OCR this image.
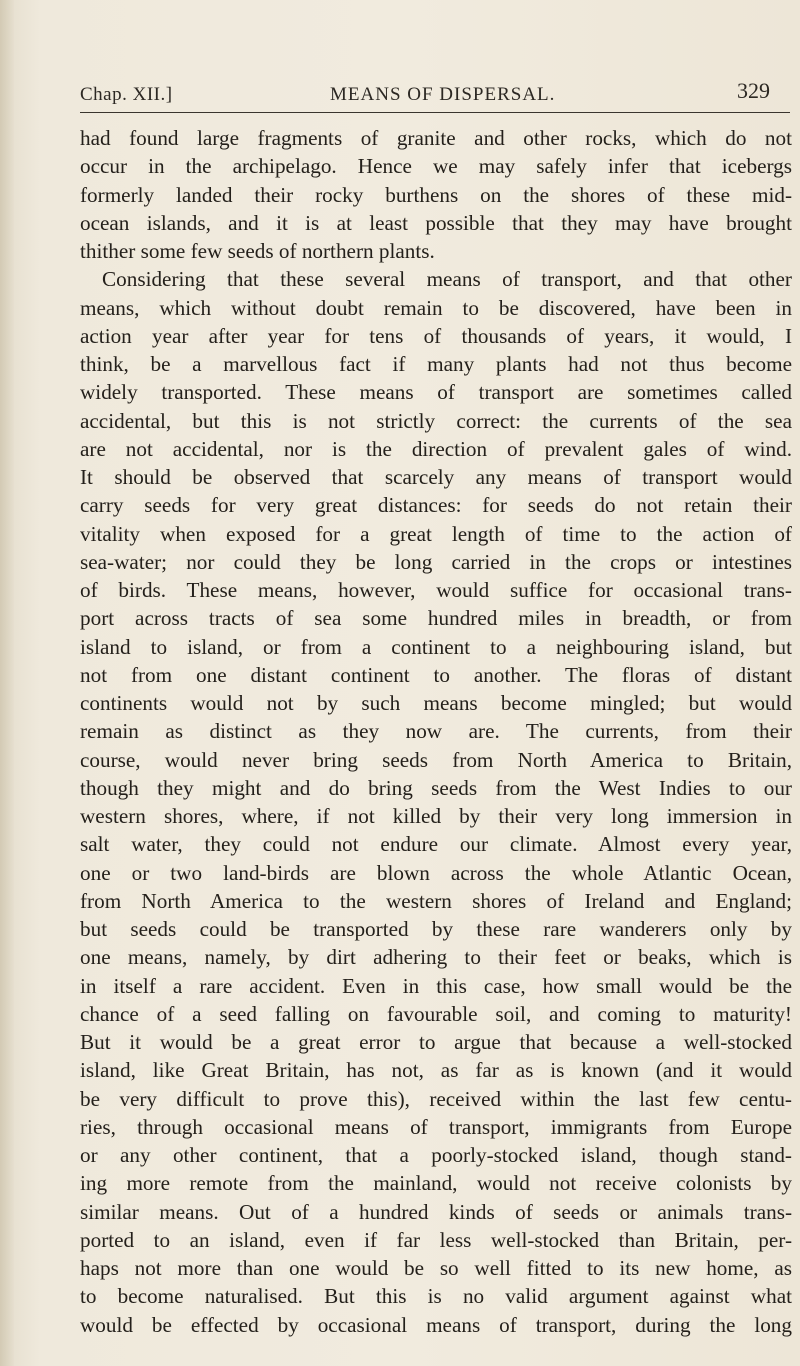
Chap. XII.]	MEANS OF DISPERSAL.	329
had found large fragments of granite and other rocks, which do not
occur in the archipelago. Hence we may safely infer that icebergs
formerly landed their rocky burthens on the shores of these mid-
ocean islands, and it is at least possible that they may have brought
thither some few seeds of northern plants.
Considering that these several means of transport, and that other
means, which without doubt remain to be discovered, have been in
action year after year for tens of thousands of years, it would, I
think, be a marvellous fact if many plants had not thus become
widely transported. These means of transport are sometimes called
accidental, but this is not strictly correct: the currents of the sea
are not accidental, nor is the direction of prevalent gales of wind.
It should be observed that scarcely any means of transport would
carry seeds for very great distances: for seeds do not retain their
vitality when exposed for a great length of time to the action of
sea-water; nor could they be long carried in the crops or intestines
of birds. These means, however, would suffice for occasional trans-
port across tracts of sea some hundred miles in breadth, or from
island to island, or from a continent to a neighbouring island, but
not from one distant continent to another. The floras of distant
continents would not by such means become mingled; but would
remain as distinct as they now are. The currents, from their
course, would never bring seeds from North America to Britain,
though they might and do bring seeds from the West Indies to our
western shores, where, if not killed by their very long immersion in
salt water, they could not endure our climate. Almost every year,
one or two land-birds are blown across the whole Atlantic Ocean,
from North America to the western shores of Ireland and England;
but seeds could be transported by these rare wanderers only by
one means, namely, by dirt adhering to their feet or beaks, which is
in itself a rare accident. Even in this case, how small would be the
chance of a seed falling on favourable soil, and coming to maturity!
But it would be a great error to argue that because a well-stocked
island, like Great Britain, has not, as far as is known (and it would
be very difficult to prove this), received within the last few centu-
ries, through occasional means of transport, immigrants from Europe
or any other continent, that a poorly-stocked island, though stand-
ing more remote from the mainland, would not receive colonists by
similar means. Out of a hundred kinds of seeds or animals trans-
ported to an island, even if far less well-stocked than Britain, per-
haps not more than one would be so well fitted to its new home, as
to become naturalised. But this is no valid argument against what
would be effected by occasional means of transport, during the long
